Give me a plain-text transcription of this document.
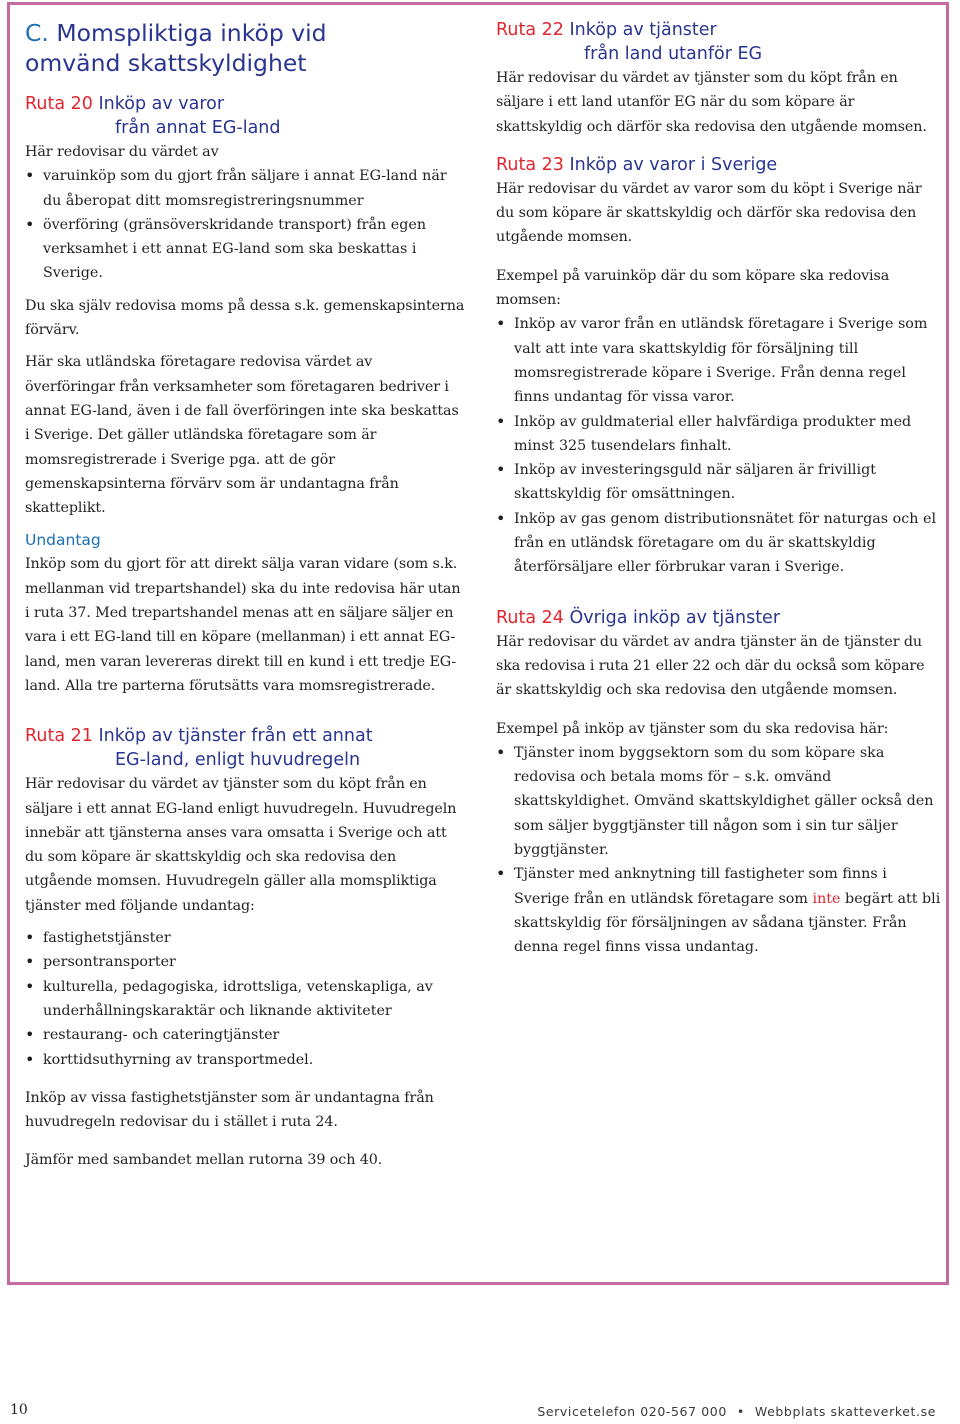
C. Momspliktiga inköp vid
omvänd skattskyldighet
Ruta 20 Inköp av varor
från annat EG-land

Här redovisar du värdet av

• varuinköp som du gjort från säljare i annat EG-land när du åberopat ditt momsregistreringsnummer
• överföring (gränsöverskridande transport) från egen verksamhet i ett annat EG-land som ska beskattas i Sverige.

Du ska själv redovisa moms på dessa s.k. gemenskapsinterna förvärv.

Här ska utländska företagare redovisa värdet av överföringar från verksamheter som företagaren bedriver i annat EG-land, även i de fall överföringen inte ska beskattas i Sverige. Det gäller utländska företagare som är momsregistrerade i Sverige pga. att de gör gemenskapsinterna förvärv som är undantagna från skatteplikt.

Undantag

Inköp som du gjort för att direkt sälja varan vidare (som s.k. mellanman vid trepartshandel) ska du inte redovisa här utan i ruta 37. Med trepartshandel menas att en säljare säljer en vara i ett EG-land till en köpare (mellanman) i ett annat EG-land, men varan levereras direkt till en kund i ett tredje EG-land. Alla tre parterna förutsätts vara momsregistrerade.

Ruta 21 Inköp av tjänster från ett annat
EG-land, enligt huvudregeln

Här redovisar du värdet av tjänster som du köpt från en säljare i ett annat EG-land enligt huvudregeln. Huvudregeln innebär att tjänsterna anses vara omsatta i Sverige och att du som köpare är skattskyldig och ska redovisa den utgående momsen. Huvudregeln gäller alla momspliktiga tjänster med följande undantag:

• fastighetstjänster
• persontransporter
• kulturella, pedagogiska, idrottsliga, vetenskapliga, av underhållningskaraktär och liknande aktiviteter
• restaurang- och cateringtjänster
• korttidsuthyrning av transportmedel.

Inköp av vissa fastighetstjänster som är undantagna från huvudregeln redovisar du i stället i ruta 24.

Jämför med sambandet mellan rutorna 39 och 40.

Ruta 22 Inköp av tjänster
från land utanför EG

Här redovisar du värdet av tjänster som du köpt från en säljare i ett land utanför EG när du som köpare är skattskyldig och därför ska redovisa den utgående momsen.

Ruta 23 Inköp av varor i Sverige

Här redovisar du värdet av varor som du köpt i Sverige när du som köpare är skattskyldig och därför ska redovisa den utgående momsen.

Exempel på varuinköp där du som köpare ska redovisa momsen:

• Inköp av varor från en utländsk företagare i Sverige som valt att inte vara skattskyldig för försäljning till momsregistrerade köpare i Sverige. Från denna regel finns undantag för vissa varor.
• Inköp av guldmaterial eller halvfärdiga produkter med minst 325 tusendelars finhalt.
• Inköp av investeringsguld när säljaren är frivilligt skattskyldig för omsättningen.
• Inköp av gas genom distributionsnätet för naturgas och el från en utländsk företagare om du är skattskyldig återförsäljare eller förbrukar varan i Sverige.
Ruta 24 Övriga inköp av tjänster

Här redovisar du värdet av andra tjänster än de tjänster du ska redovisa i ruta 21 eller 22 och där du också som köpare är skattskyldig och ska redovisa den utgående momsen.

Exempel på inköp av tjänster som du ska redovisa här:

• Tjänster inom byggsektorn som du som köpare ska redovisa och betala moms för – s.k. omvänd skattskyldighet. Omvänd skattskyldighet gäller också den som säljer byggtjänster till någon som i sin tur säljer byggtjänster.
• Tjänster med anknytning till fastigheter som finns i Sverige från en utländsk företagare som inte begärt att bli skattskyldig för försäljningen av sådana tjänster. Från denna regel finns vissa undantag.
10	Servicetelefon 020-567 000 • Webbplats skatteverket.se
